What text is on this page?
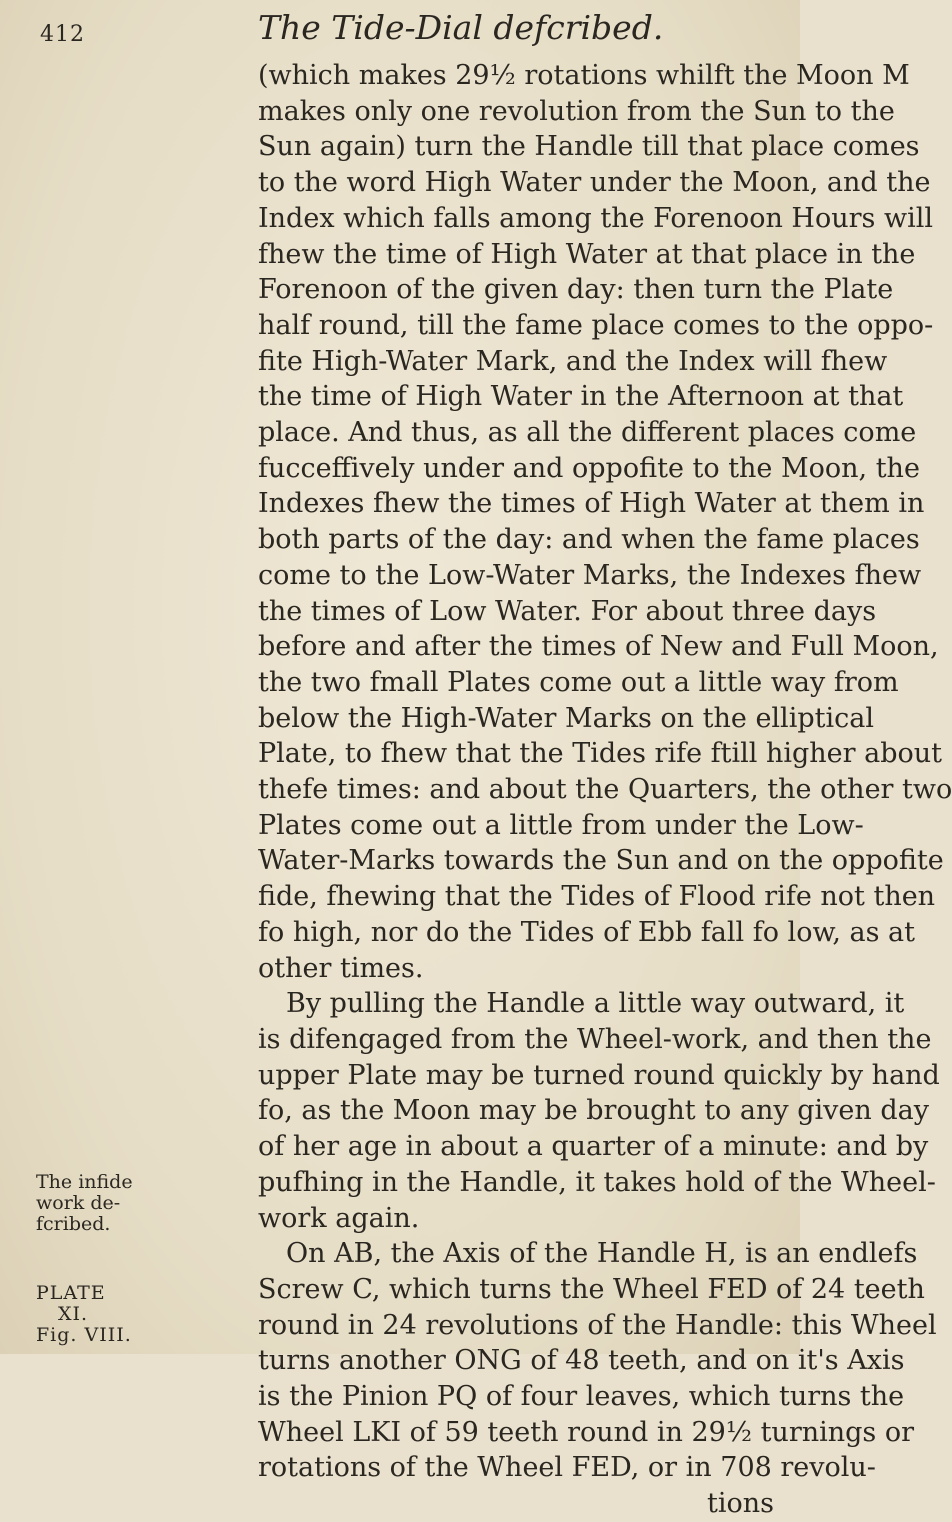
412	The Tide-Dial defcribed.
(which makes 29½ rotations whilft the Moon M
makes only one revolution from the Sun to the
Sun again) turn the Handle till that place comes
to the word High Water under the Moon, and the
Index which falls among the Forenoon Hours will
fhew the time of High Water at that place in the
Forenoon of the given day: then turn the Plate
half round, till the fame place comes to the oppo-
fite High-Water Mark, and the Index will fhew
the time of High Water in the Afternoon at that
place. And thus, as all the different places come
fucceffively under and oppofite to the Moon, the
Indexes fhew the times of High Water at them in
both parts of the day: and when the fame places
come to the Low-Water Marks, the Indexes fhew
the times of Low Water. For about three days
before and after the times of New and Full Moon,
the two fmall Plates come out a little way from
below the High-Water Marks on the elliptical
Plate, to fhew that the Tides rife ftill higher about
thefe times: and about the Quarters, the other two
Plates come out a little from under the Low-
Water-Marks towards the Sun and on the oppofite
fide, fhewing that the Tides of Flood rife not then
fo high, nor do the Tides of Ebb fall fo low, as at
other times.
By pulling the Handle a little way outward, it
is difengaged from the Wheel-work, and then the
upper Plate may be turned round quickly by hand
fo, as the Moon may be brought to any given day
of her age in about a quarter of a minute: and by
pufhing in the Handle, it takes hold of the Wheel-
work again.
On AB, the Axis of the Handle H, is an endlefs
Screw C, which turns the Wheel FED of 24 teeth
round in 24 revolutions of the Handle: this Wheel
turns another ONG of 48 teeth, and on it's Axis
is the Pinion PQ of four leaves, which turns the
Wheel LKI of 59 teeth round in 29½ turnings or
rotations of the Wheel FED, or in 708 revolu-
tions
The infide
work de-
fcribed.
PLATE
XI.
Fig. VIII.
